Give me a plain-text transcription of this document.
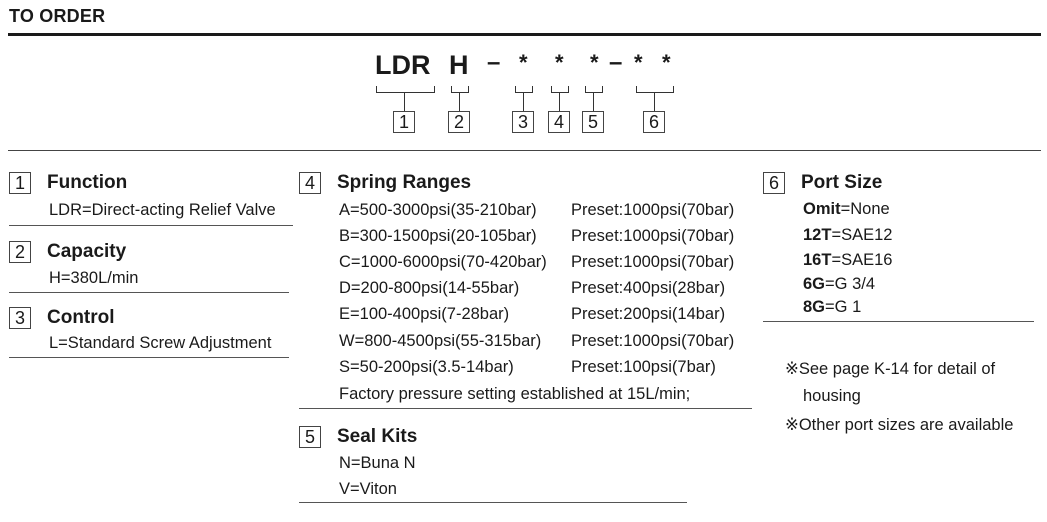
TO ORDER
LDR H – * * * – * *
1	2	3	4	5	6
1	Function
LDR=Direct-acting Relief Valve
2	Capacity
H=380L/min
3	Control
L=Standard Screw Adjustment
4	Spring Ranges
A=500-3000psi(35-210bar) Preset:1000psi(70bar)
B=300-1500psi(20-105bar) Preset:1000psi(70bar)
C=1000-6000psi(70-420bar) Preset:1000psi(70bar)
D=200-800psi(14-55bar)	Preset:400psi(28bar)
E=100-400psi(7-28bar)	Preset:200psi(14bar)
W=800-4500psi(55-315bar) Preset:1000psi(70bar)
S=50-200psi(3.5-14bar)	Preset:100psi(7bar)
Factory pressure setting established at 15L/min;
5	Seal Kits
N=Buna N
V=Viton
6	Port Size
Omit=None
12T=SAE12
16T=SAE16
6G=G 3/4
8G=G 1
※See page K-14 for detail of
housing
※Other port sizes are available
